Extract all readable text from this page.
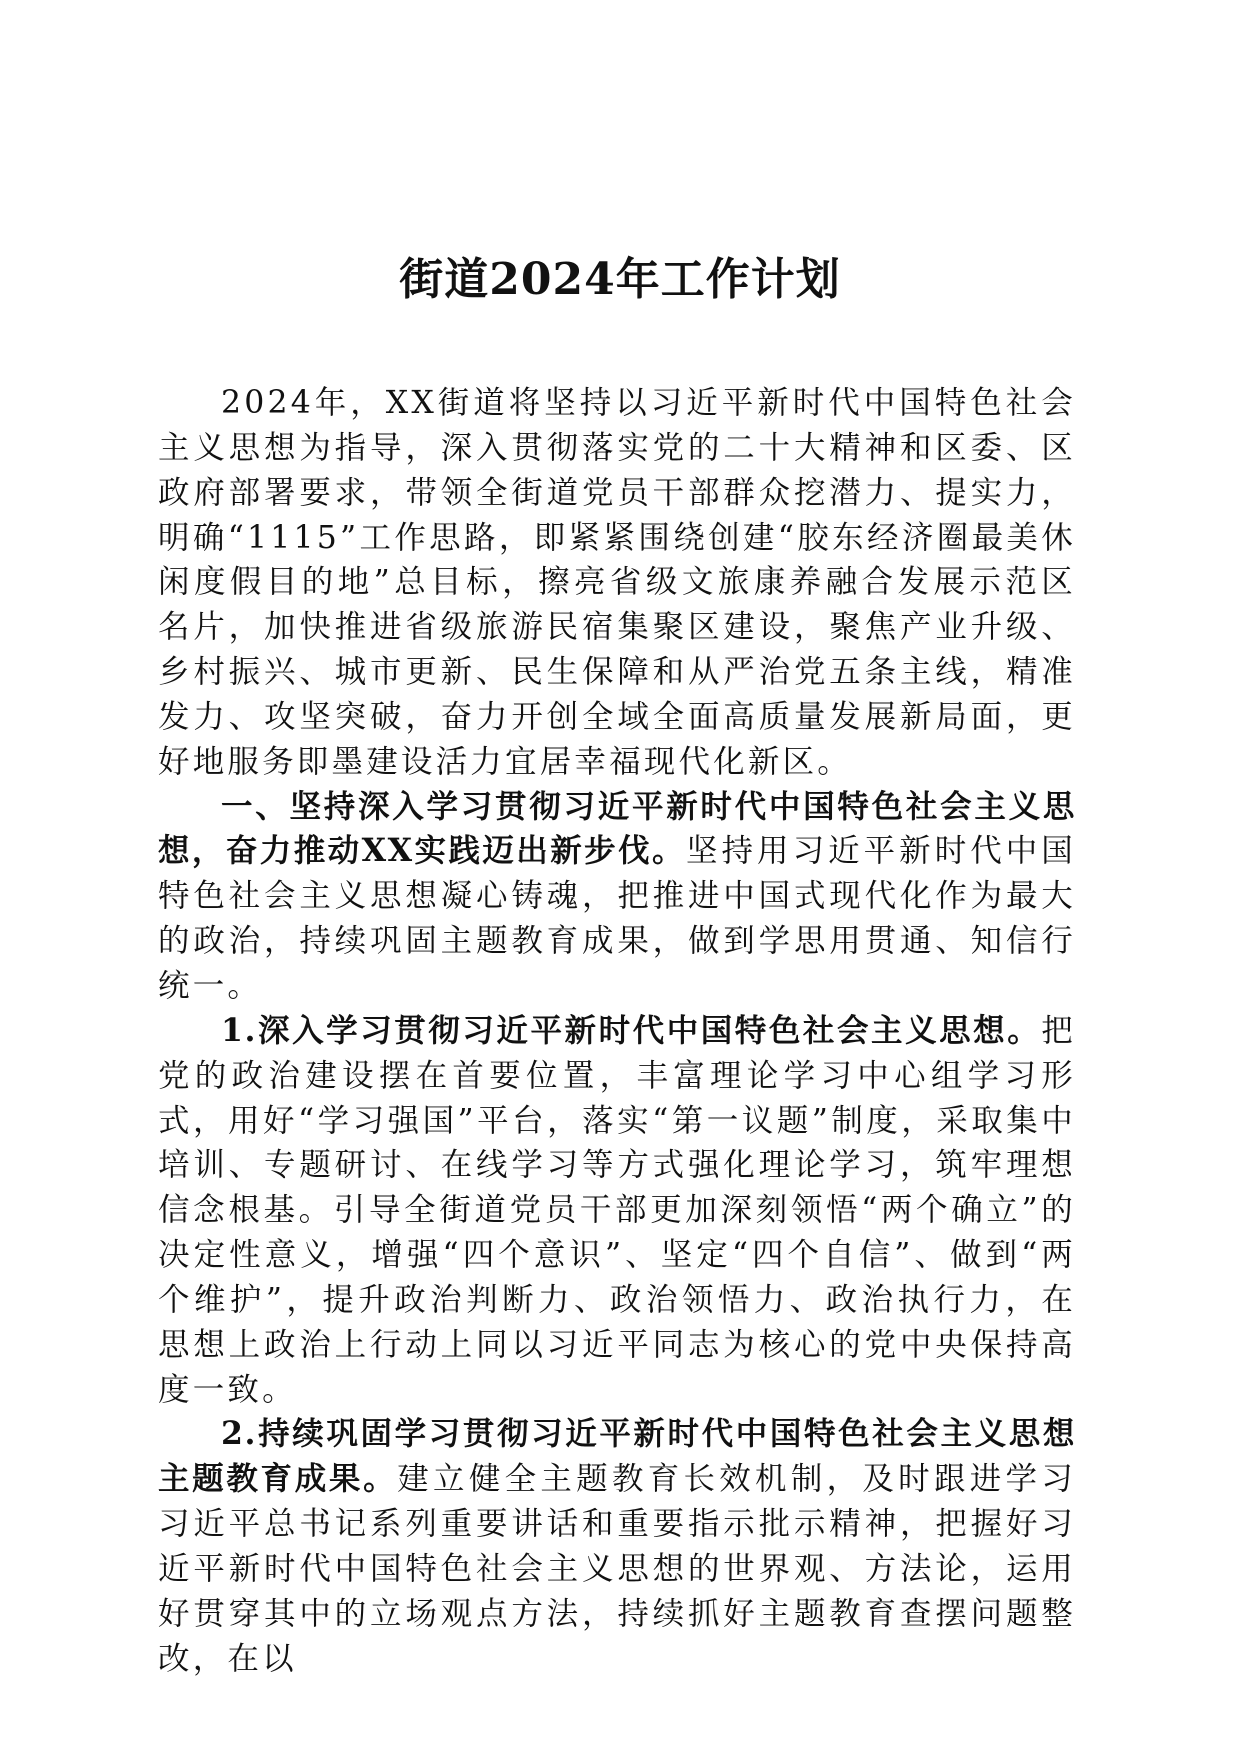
街道2024年工作计划

2024年，XX街道将坚持以习近平新时代中国特色社会主义思想为指导，深入贯彻落实党的二十大精神和区委、区政府部署要求，带领全街道党员干部群众挖潜力、提实力，明确“1115”工作思路，即紧紧围绕创建“胶东经济圈最美休闲度假目的地”总目标，擦亮省级文旅康养融合发展示范区名片，加快推进省级旅游民宿集聚区建设，聚焦产业升级、乡村振兴、城市更新、民生保障和从严治党五条主线，精准发力、攻坚突破，奋力开创全域全面高质量发展新局面，更好地服务即墨建设活力宜居幸福现代化新区。

一、坚持深入学习贯彻习近平新时代中国特色社会主义思想，奋力推动XX实践迈出新步伐。坚持用习近平新时代中国特色社会主义思想凝心铸魂，把推进中国式现代化作为最大的政治，持续巩固主题教育成果，做到学思用贯通、知信行统一。

1.深入学习贯彻习近平新时代中国特色社会主义思想。把党的政治建设摆在首要位置，丰富理论学习中心组学习形式，用好“学习强国”平台，落实“第一议题”制度，采取集中培训、专题研讨、在线学习等方式强化理论学习，筑牢理想信念根基。引导全街道党员干部更加深刻领悟“两个确立”的决定性意义，增强“四个意识”、坚定“四个自信”、做到“两个维护”，提升政治判断力、政治领悟力、政治执行力，在思想上政治上行动上同以习近平同志为核心的党中央保持高度一致。

2.持续巩固学习贯彻习近平新时代中国特色社会主义思想主题教育成果。建立健全主题教育长效机制，及时跟进学习习近平总书记系列重要讲话和重要指示批示精神，把握好习近平新时代中国特色社会主义思想的世界观、方法论，运用好贯穿其中的立场观点方法，持续抓好主题教育查摆问题整改，在以
